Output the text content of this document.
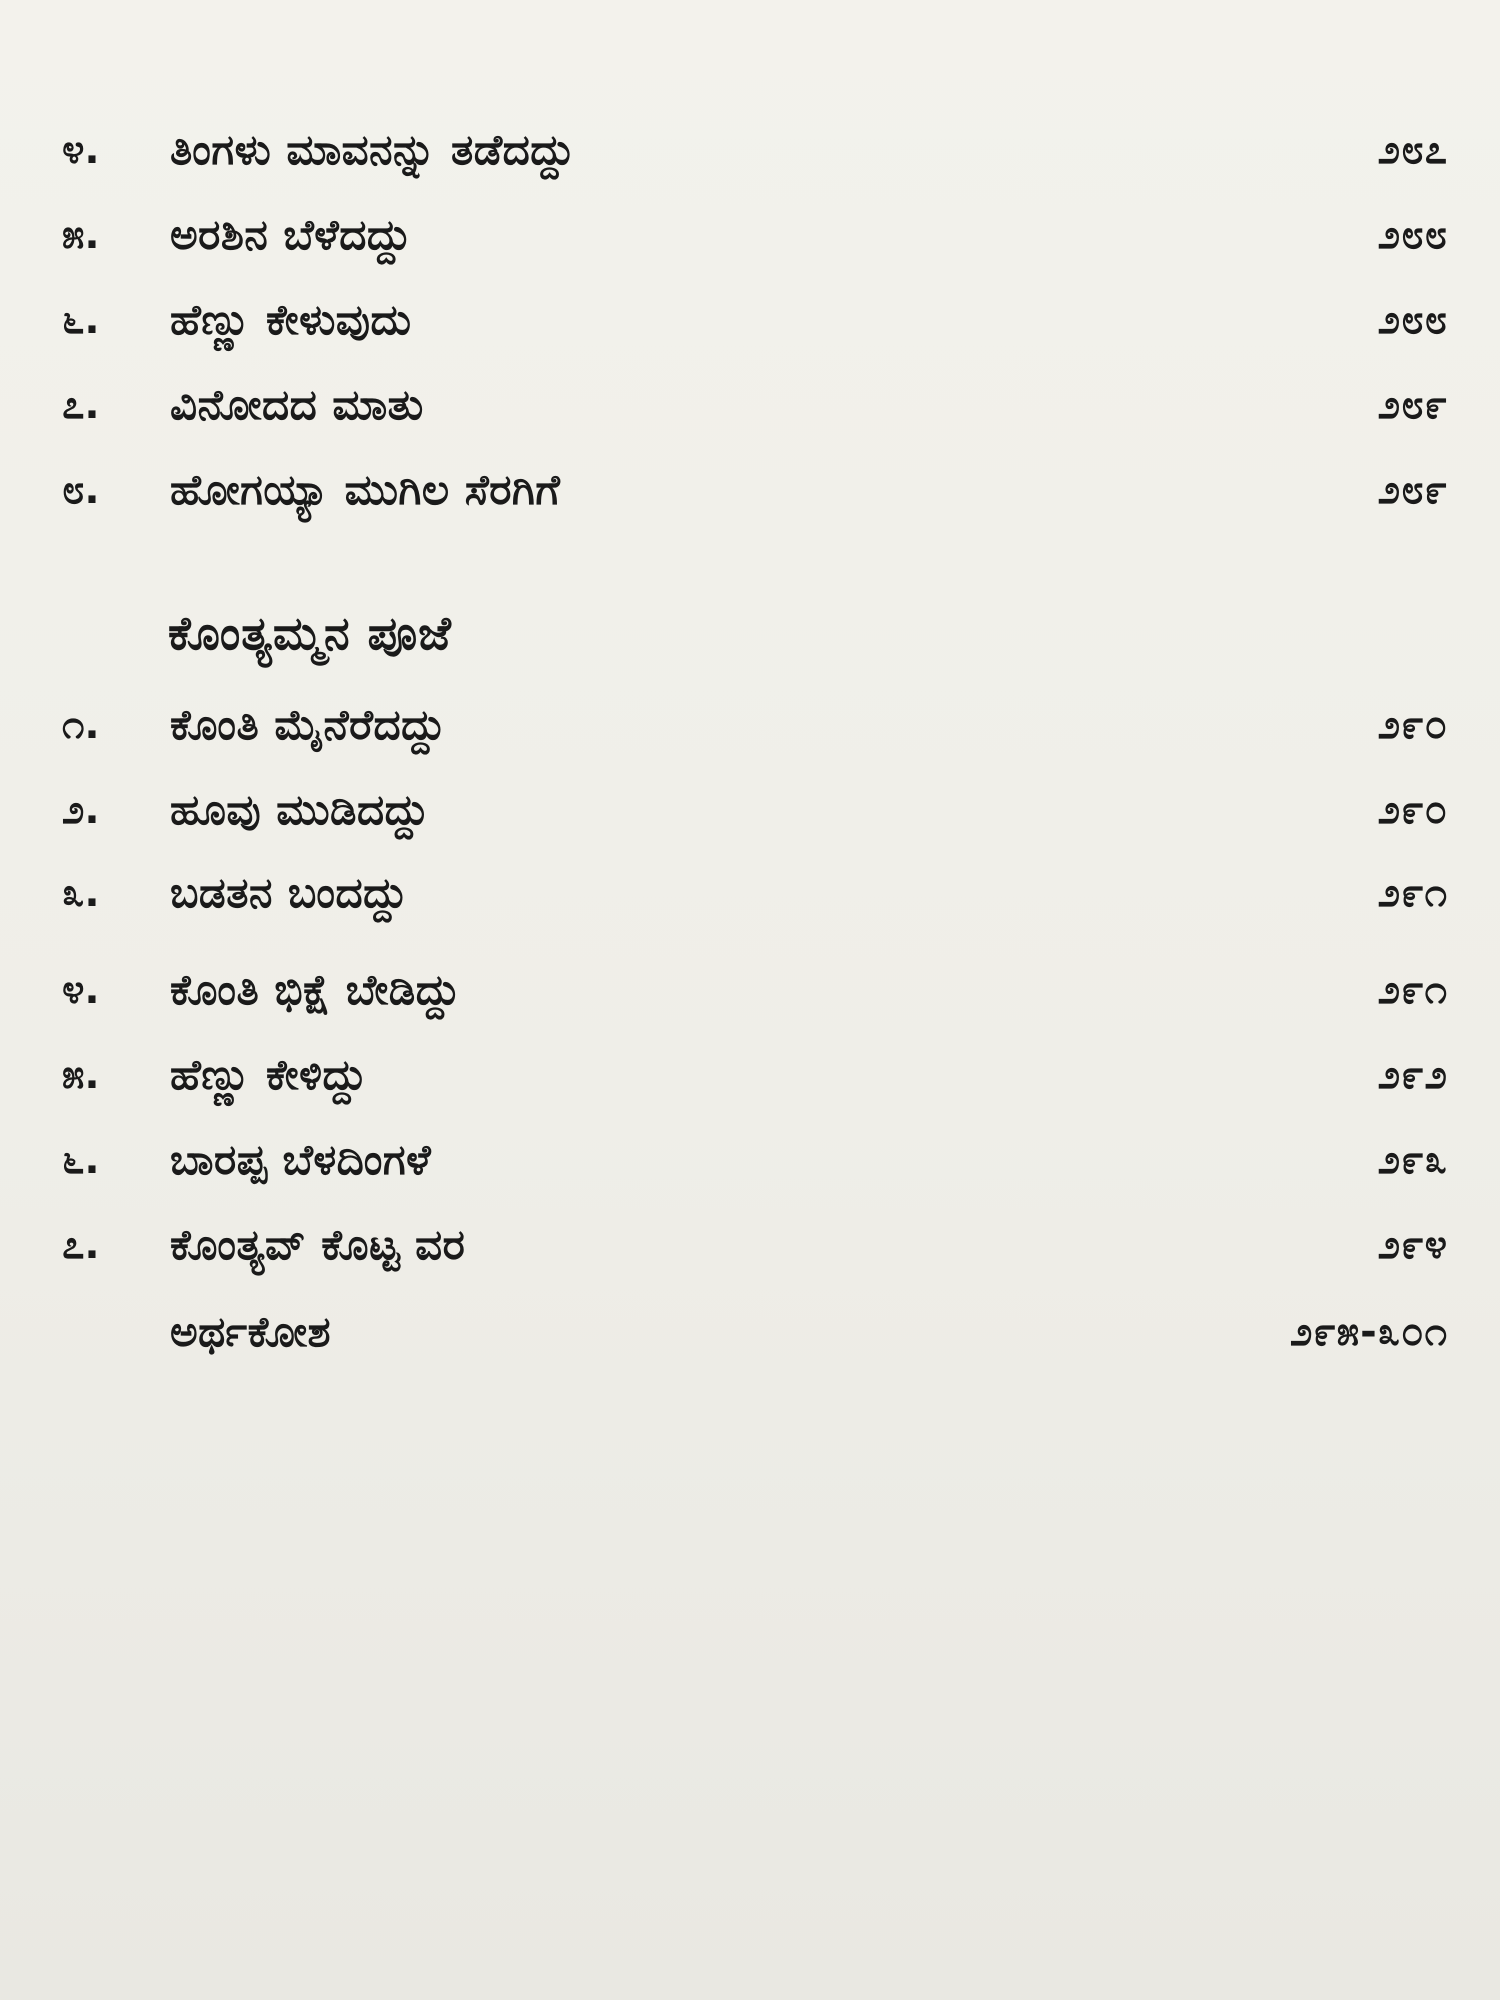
೪.	ತಿಂಗಳು ಮಾವನನ್ನು ತಡೆದದ್ದು	೨೮೭
೫.	ಅರಶಿನ ಬೆಳೆದದ್ದು	೨೮೮
೬.	ಹೆಣ್ಣು ಕೇಳುವುದು	೨೮೮
೭.	ವಿನೋದದ ಮಾತು	೨೮೯
೮.	ಹೋಗಯ್ಯಾ ಮುಗಿಲ ಸೆರಗಿಗೆ	೨೮೯
ಕೊಂತ್ಯಮ್ಮನ ಪೂಜೆ
೧.	ಕೊಂತಿ ಮೈನೆರೆದದ್ದು	೨೯೦
೨.	ಹೂವು ಮುಡಿದದ್ದು	೨೯೦
೩.	ಬಡತನ ಬಂದದ್ದು	೨೯೧
೪.	ಕೊಂತಿ ಭಿಕ್ಷೆ ಬೇಡಿದ್ದು	೨೯೧
೫.	ಹೆಣ್ಣು ಕೇಳಿದ್ದು	೨೯೨
೬.	ಬಾರಪ್ಪ ಬೆಳದಿಂಗಳೆ	೨೯೩
೭.	ಕೊಂತ್ಯವ್ ಕೊಟ್ಟ ವರ	೨೯೪
ಅರ್ಥಕೋಶ	೨೯೫-೩೦೧
